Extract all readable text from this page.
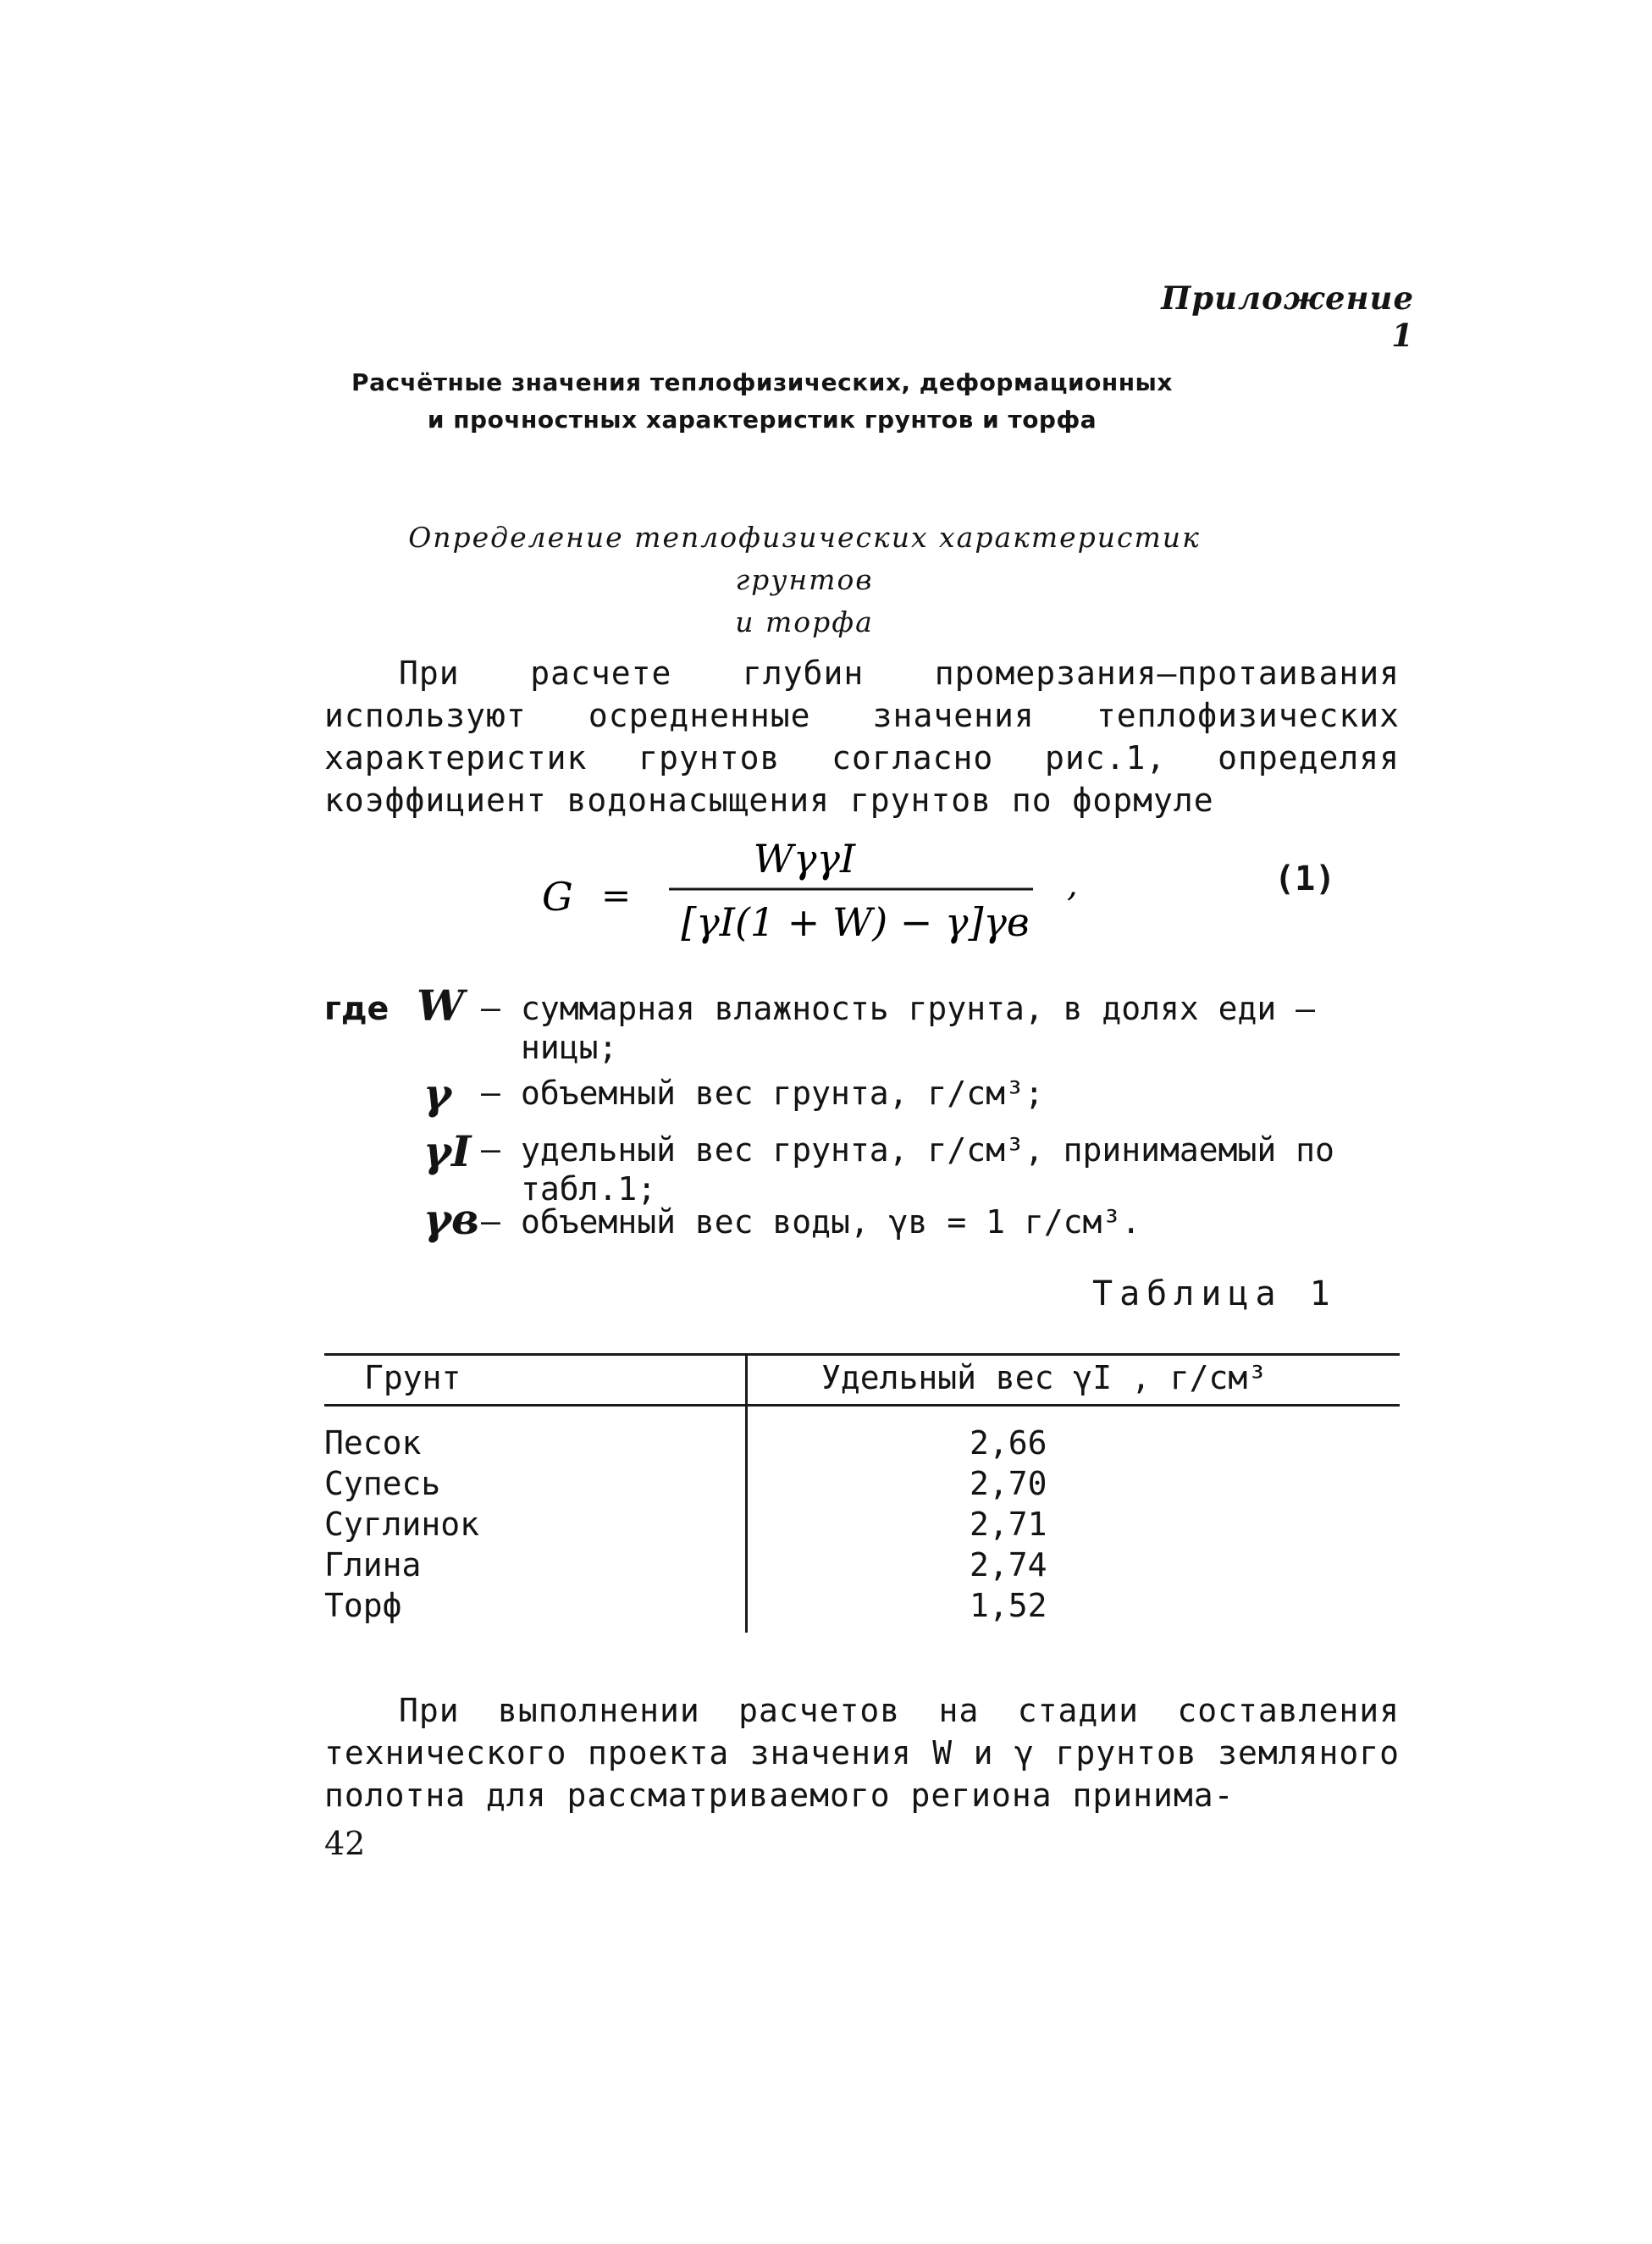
Приложение 1
Расчётные значения теплофизических, деформационных
и прочностных характеристик грунтов и торфа
Определение теплофизических характеристик грунтов
и торфа
При расчете глубин промерзания–протаивания используют осредненные значения теплофизических характеристик грунтов согласно рис.1, определяя коэффициент водонасыщения грунтов по формуле
G =
WγγI
[γI(1 + W) − γ]γв
,	(1)
где W – суммарная влажность грунта, в долях еди –
ницы;
γ – объемный вес грунта, г/см³;
γI – удельный вес грунта, г/см³, принимаемый по
табл.1;
γв – объемный вес воды, γв = 1 г/см³.
Таблица 1
Грунт	Удельный вес γI , г/см³
Песок	2,66
Супесь	2,70
Суглинок	2,71
Глина	2,74
Торф	1,52
При выполнении расчетов на стадии составления технического проекта значения W и γ грунтов земляного полотна для рассматриваемого региона принима-
42
